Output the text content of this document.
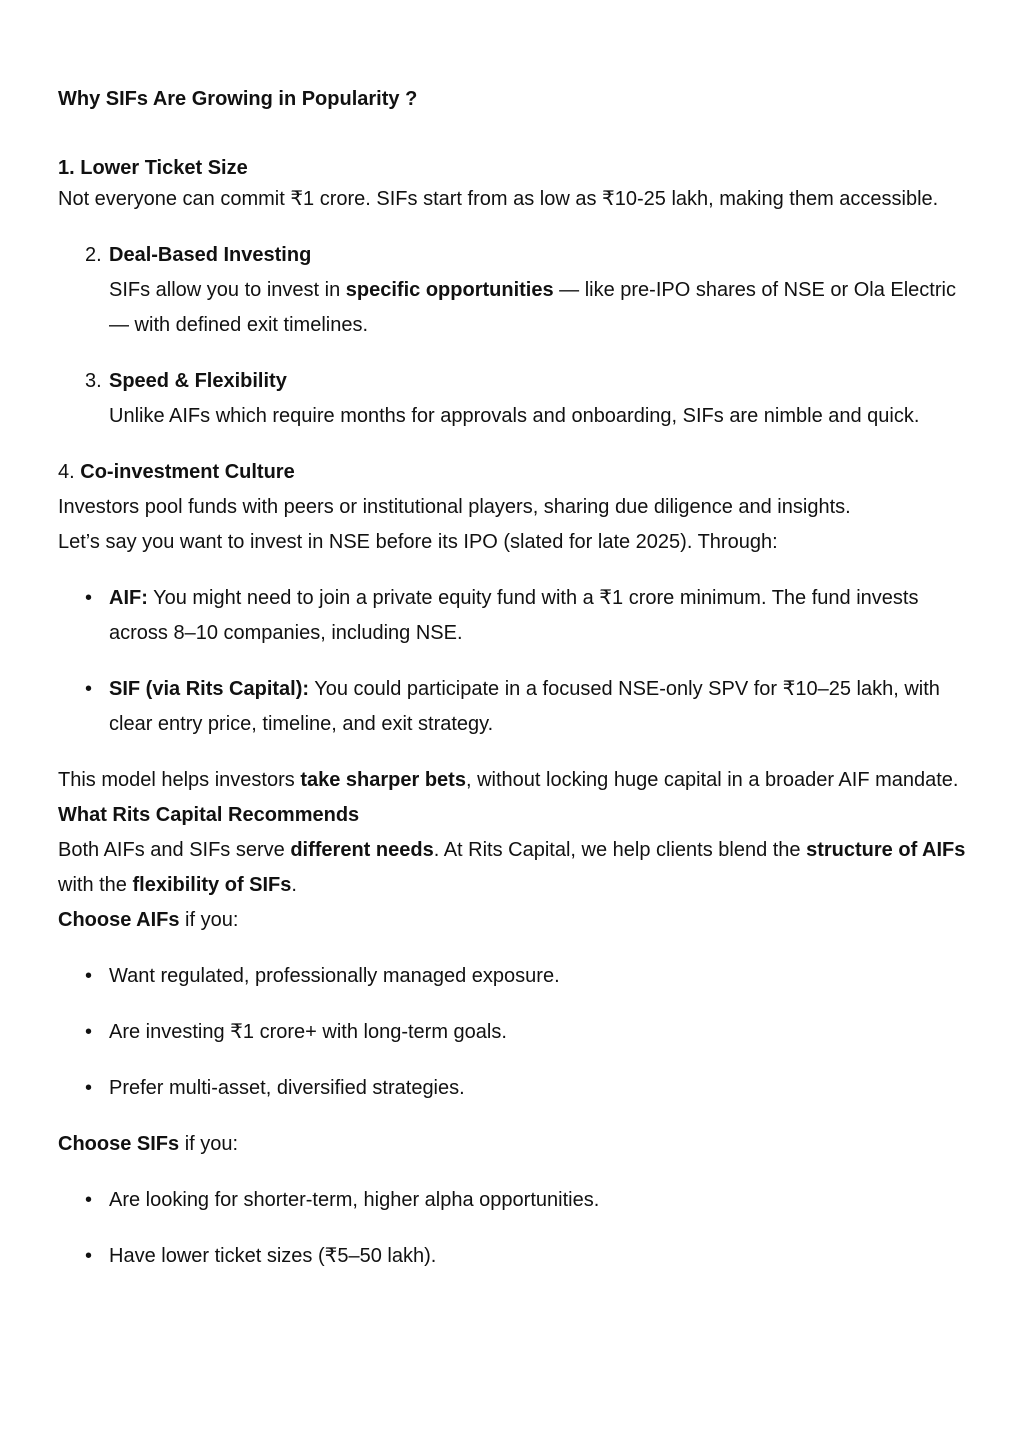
Why SIFs Are Growing in Popularity ?

1. Lower Ticket Size

Not everyone can commit ₹1 crore. SIFs start from as low as ₹10-25 lakh, making them accessible.

2. Deal-Based Investing
SIFs allow you to invest in specific opportunities — like pre-IPO shares of NSE or Ola Electric — with defined exit timelines.
3. Speed & Flexibility
Unlike AIFs which require months for approvals and onboarding, SIFs are nimble and quick.

4. Co-investment Culture

Investors pool funds with peers or institutional players, sharing due diligence and insights.

Let’s say you want to invest in NSE before its IPO (slated for late 2025). Through:

• AIF: You might need to join a private equity fund with a ₹1 crore minimum. The fund invests across 8–10 companies, including NSE.
• SIF (via Rits Capital): You could participate in a focused NSE-only SPV for ₹10–25 lakh, with clear entry price, timeline, and exit strategy.

This model helps investors take sharper bets, without locking huge capital in a broader AIF mandate.

What Rits Capital Recommends

Both AIFs and SIFs serve different needs. At Rits Capital, we help clients blend the structure of AIFs with the flexibility of SIFs.

Choose AIFs if you:

• Want regulated, professionally managed exposure.
• Are investing ₹1 crore+ with long-term goals.
• Prefer multi-asset, diversified strategies.

Choose SIFs if you:

• Are looking for shorter-term, higher alpha opportunities.
• Have lower ticket sizes (₹5–50 lakh).
